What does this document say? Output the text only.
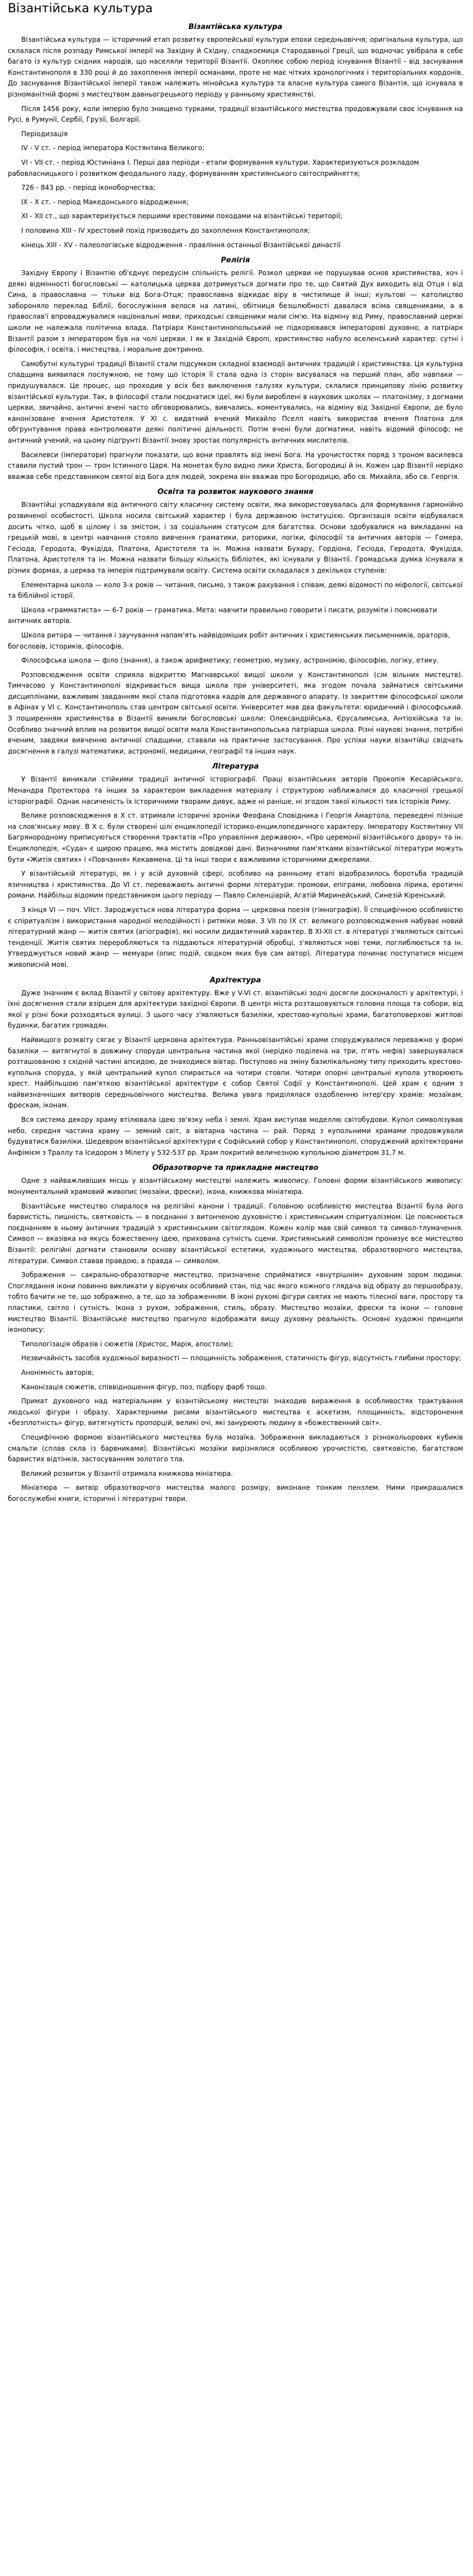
Візантійська культура
Візантійська культура

Візантійська культура — історичний етап розвитку європейської культури епохи середньовіччя; оригінальна культура, що склалася після розпаду Римської імперії на Західну й Східну, спадкоємиця Стародавньої Греції, що водночас увібрала в себе багато із культур східних народів, що населяли території Візантії. Охоплює собою період існування Візантії - від заснування Константинополя в 330 році й до захоплення імперії османами, проте не має чітких хронологічних і територіальних кордонів. До заснування Візантійської імперії також належить мінойська культура та власне культура самого Візантія, що існувала в різноманітній формі з мистецтвом давньогрецького періоду у ранньому християнстві.

Після 1456 року, коли імперію було знищено турками, традиції візантійського мистецтва продовжували своє існування на Русі, в Румунії, Сербії, Грузії, Болгарії.

Періодизація

IV - V ст. - період імператора Костянтина Великого;

VI - VII ст. - період Юстиніана I. Перші два періоди - етапи формування культури. Характеризуються розкладом рабовласницького і розвитком феодального ладу, формуванням християнського світосприйняття;

726 - 843 рр. - період іконоборчества;

IX - X ст. - період Македонського відродження;

XI - XII ст., що характеризується першими хрестовими походами на візантійські території;

I половина XIII - IV хрестовий похід призводить до захоплення Константинополя;

кінець XIII - XV - палеологівське відродження - правління останньої Візантійської династії

Релігія

Західну Європу і Візантію об'єднує передусім спільність релігії. Розкол церкви не порушував основ християнства, хоч і деякі відмінності богословські — католицька церква дотримується догмати про те, що Святий Дух виходить від Отця і від Сина, а православна — тільки від Бога-Отця; православна відкидає віру в чистилище й інші; культові — католицтво забороняло переклад Біблії, богослужіння велося на латині, обітниця безшлюбності давалася всіма священиками, а в православ'ї впроваджувалися національні мови, приходські священики мали сім'ю. На відміну від Риму, православний церкві школи не належала політична влада. Патріарх Константинопольський не підкорювався імператорові духовно, а патріарх Візантії разом з імператором був на чолі церкви. І як в Західній Європі, християнство набуло вселенський характер: сутні і філософія, і освіта, і мистецтва, і моральне доктринно.

Самобутні культурні традиції Візантії стали підсумком складної взаємодії античних традицій і християнства. Ця культурна спадщина виявилася послужною, не тому що історія її стала одна із сторін висувалася на перший план, або навпаки — придушувалася. Це процес, що проходив у всіх без виключення галузях культури, склалися принципову лінію розвитку візантійської культури. Так, в філософії стали поєднатися ідеї, які були вироблені в наукових школах — платонізму, з догмами церкви, звичайно, античні вчені часто обговорювались, вивчались, коментувались, на відміну від Західної Європи, де було канонізоване вчення Аристотеля. У XI с. видатний вчений Михайло Пселл навіть використав вчення Платона для обгрунтування права контролювати деякі політичні діяльності. Потім вчені були догматики, навіть відомий філософ; не античний учений, на цьому підґрунті Візантії знову зростає популярність античних мислителів.

Василевси (імператори) прагнули показати, що вони правлять від імені Бога. На урочистостях поряд з троном василевса ставили пустий трон — трон Істинного Царя. На монетах було видно лики Христа, Богородиці й ін. Кожен цар Візантії нерідко вважав себе представником святої від Бога для людей, зокрема він вважав про Богородицю, або св. Михайла, або св. Георгія.

Освіта та розвиток наукового знання

Візантійці успадкували від античного світу класичну систему освіти, яка використовувалась для формування гармонійно розвиненої особистості. Школа носила світський характер і була державною інституцією. Організація освіти відбувалася досить чітко, щоб в цілому і за змістом, і за соціальним статусом для багатства. Основи здобувалися на викладанні на грецькій мові, в центрі навчання стояло вивчення граматики, риторики, логіки, філософії та античних авторів — Гомера, Гесіода, Геродота, Фукідіда, Платона, Аристотеля та ін. Можна назвати Бухару, Гордіона, Гесіода, Геродота, Фукідіда, Платона, Аристотеля та ін. Можна назвати більшу кількість бібліотек, які існували у Візантії. Громадська думка існувала в різних формах, а церква та імперія підтримували освіту. Система освіти складалася з декількох ступенів:

Елементарна школа — коло 3-х років — читання, письмо, з також рахування і співам, деякі відомості по міфології, світської та біблійної історії.

Школа «грамматиста» — 6-7 років — граматика. Мета: навчити правильно говорити і писати, розуміти і пояснювати античних авторів.

Школа ритора — читання і заучування напам'ять найвідоміших робіт античних і християнських письменників, ораторів, богословів, істориків, філософів.

Філософська школа — філо (знання), а також арифметику; геометрію, музику, астрономію, філософію, логіку, етику.

Розповсюдження освіти сприяла відкриттю Магнаврської вищої школи у Константинополі (сім вільних мистецтв). Тимчасово у Константинополі відкривається вища школа при університеті, яка згодом почала займатися світськими дисциплінами, важливим завданням якої стала підготовка кадрів для державного апарату. Із закриттям філософської школи в Афінах у VI с. Константинополь став центром світської освіти. Університет мав два факультети: юридичний і філософський. З поширенням християнства в Візантії виникли богословські школи: Олександрійська, Єрусалимська, Антіохійська та ін. Особливо значний вплив на розвиток вищої освіти мала Константинопольська патріарша школа. Різні наукові знання, потрібні вченим, завдяки вивченню античної спадщини, ставали на практичне застосування. Про успіхи науки візантійці свідчать досягнення в галузі математики, астрономії, медицини, географії та інших наук.

Література

У Візантії виникали стійкими традиції античної історіографії. Праці візантійських авторів Прокопія Кесарійського, Менандра Протектора та інших за характером викладення матеріалу і структурою наближалися до класичної грецької історіографії. Однак насиченість їх історичними творами дивує, адже ні раніше, ні згодом такої кількості тих історіків Риму.

Велике розповсюдження в X ст. отримали історичні хроніки Феофана Сповідника і Георгія Амартола, переведені пізніше на слов'янську мову. В X с. були створені цілі енциклопедії історико-енциклопедичного характеру. Імператору Костянтину VII Багрянородному приписуються створення трактатів «Про управління державою», «Про церемонії візантійського двору» та ін. Енциклопедія, «Суда» є щирою працею, яка містить довідкові дані. Визначними пам'ятками візантійської літератури можуть бути «Житія святих» і «Повчання» Кекавмена. Ці та інші твори є важливими історичними джерелами.

У візантійській літературі, як і у всій духовній сфері, особливо на ранньому етапі відобразилось боротьба традицій язичництва і християнства. До VI ст. переважають античні форми літератури: промови, епіграми, любовна лірика, еротичні романи. Найбільш відомим представником цього періоду — Павло Силенціарій, Агатій Миринейський, Синезій Кіренський.

З кінця VI — поч. VIIст. Зароджується нова література форма — церковна поезія (гімнографія). Її специфічною особливістю є спіритуалізм і використання народної мелодійності і ритміки мови. З VII по IX ст. великого розповсюдження набуває новий літературний жанр — житія святих (агіографія), які носили дидактичний характер. В XI-XII ст. в літературі з'являються світські тенденції. Житія святих переробляються та піддаються літературній обробці, з'являються нові теми, поглиблюється та ін. Утверджується новий жанр — мемуари (опис подій, свідком яких був сам автор). Література починає поступатися місцем живописній мові.

Архітектура

Дуже значним є вклад Візантії у світову архітектуру. Вже у V-VI ст. візантійські зодчі досягли досконалості у архітектурі, і їхні досягнення стали взірцем для архітектури західної Європи. В центрі міста розташовуються головна площа та собори, від якої у різні боки розходяться вулиці. З цього часу з'являються базиліки, хрестово-купольні храми, багатоповерхові житлові будинки, багатих громадян.

Найвищого розквіту сягає у Візантії церковна архітектура. Ранньовізантійські храми споруджувалися переважно у формі базиліки — витягнутої в довжину споруди центральна частина якої (нерідко поділена на три, п'ять нефів) завершувалася розташованою з східній частині апсидою, де знаходився вівтар. Поступово на зміну базилікальному типу приходить хрестово-купольна споруда, у якій центральний купол спирається на чотири стовпи. Чотири опорні центральні купола утворюють хрест. Найбільшою пам'яткою візантійської архітектури є собор Святої Софії у Константинополі. Цей храм є одним з найвизначніших витворів середньовічного мистецтва. Велика увага приділялася оздобленню інтер'єру храмів: мозаїкам, фрескам, іконам.

Вся система декору храму втілювала ідею зв'язку неба і землі. Храм виступав моделлю світобудови. Купол символізував небо, середня частина храму — земний світ, а вівтарна частина — рай. Поряд з купольними храмами продовжували будуватися базиліки. Шедевром візантійської архітектури є Софійський собор у Константинополі, споруджений архітекторами Анфімієм з Траллу та Ісидором з Мілету у 532-537 рр. Храм покритий величезною купольною діаметром 31,7 м.

Образотворче та прикладне мистецтво

Одне з найважливіших місць у візантійському мистецтві належить живопису. Головні форми візантійського живопису: монументальний храмовий живопис (мозаїки, фрески), ікона, книжкова мініатюра.

Візантійське мистецтво спиралося на релігійні канони і традиції. Головною особливістю мистецтва Візантії була його барвистість, пишність, святковість — в поєднанні з витонченою духовністю і християнським спіритуалізмом. Це пояснюється поєднанням в ньому античних традицій з християнським світоглядом. Кожен колір мав свій символ та символ-тлумачення. Символ — вказівка на якусь божественну ідею, прихована сутність сцени. Християнський символізм пронизує все мистецтво Візантії: релігійні догмати становили основу візантійської естетики, художнього мистецтва, образотворчого мистецтва, літератури. Символ ставав правдою, а правда — символом.

Зображення — сакрально-образотворче мистецтво, призначене сприйматися «внутрішнім» духовним зором людини. Споглядання ікони повинно викликати у віруючих особливий стан, під час якого кожного глядача від образу до першообразу, тобто бачити не те, що зображено, а те, що за зображенням. В іконі рухомі фігури святих не мають тілесної ваги, простору та пластики, світло і сутність. Ікона з рухом, зображення, стиль, образу. Мистецтво мозаїки, фрески та ікони — головне мистецтво Візантії. Візантійське мистецтво прагнуло відображати вищу духовну реальність. Основні художні принципи іконопису:

Типологізація образів і сюжетів (Христос, Марія, апостоли);

Незвичайність засобів художньої виразності — площинність зображення, статичність фігур, відсутність глибини простору;

Анонімність авторів;

Канонізація сюжетів, співвідношення фігур, поз, підбору фарб тощо.

Примат духовного над матеріальним у візантійському мистецтві знаходив вираження в особливостях трактування людської фігури і образу. Характерними рисами візантійського мистецтва є аскетизм, площинність, відсторонення «безплотність» фігур, витягнутість пропорцій, великі очі, які занурюють людину в «божественний світ».

Специфічною формою візантійського мистецтва була мозаїка. Зображення викладаються з різнокольорових кубиків смальти (сплав скла із барвниками). Візантійські мозаїки вирізнялися особливою урочистістю, святковістю, багатством барвистих відтінків, застосуванням золотого тла.

Великий розвиток у Візантії отримала книжкова мініатюра.

Мініатюра — витвір образотворчого мистецтва малого розміру, виконане тонким пензлем. Ними прикрашалися богослужебні книги, історичні і літературні твори.
